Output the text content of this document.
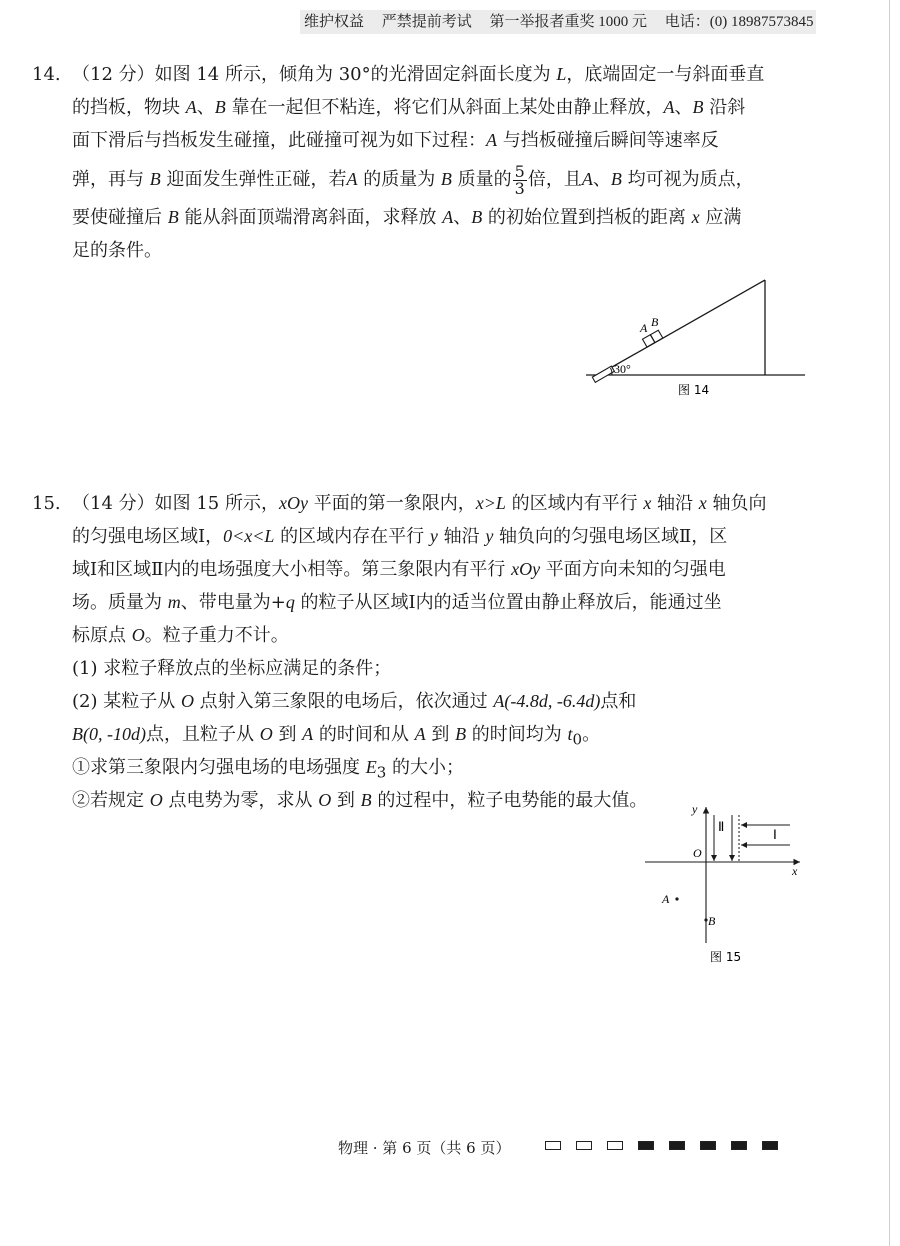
维护权益 严禁提前考试 第一举报者重奖 1000 元 电话：(0) 18987573845
14. （12 分）如图 14 所示，倾角为 30°的光滑固定斜面长度为 L，底端固定一与斜面垂直
的挡板，物块 A、B 靠在一起但不粘连，将它们从斜面上某处由静止释放，A、B 沿斜
面下滑后与挡板发生碰撞，此碰撞可视为如下过程：A 与挡板碰撞后瞬间等速率反
弹，再与 B 迎面发生弹性正碰，若A 的质量为 B 质量的 $\frac{5}{3}$ 倍，且A、B 均可视为质点，
要使碰撞后 B 能从斜面顶端滑离斜面，求释放 A、B 的初始位置到挡板的距离 x 应满
足的条件。
A B
30°
图 14
15. （14 分）如图 15 所示，xOy 平面的第一象限内，x>L 的区域内有平行 x 轴沿 x 轴负向
的匀强电场区域Ⅰ，0<x<L 的区域内存在平行 y 轴沿 y 轴负向的匀强电场区域Ⅱ，区
域Ⅰ和区域Ⅱ内的电场强度大小相等。第三象限内有平行 xOy 平面方向未知的匀强电
场。质量为 m、带电量为+q 的粒子从区域Ⅰ内的适当位置由静止释放后，能通过坐
标原点 O。粒子重力不计。
(1) 求粒子释放点的坐标应满足的条件；
(2) 某粒子从 O 点射入第三象限的电场后，依次通过 A(-4.8d, -6.4d)点和
B(0, -10d)点，且粒子从 O 到 A 的时间和从 A 到 B 的时间均为 $t_0$。
①求第三象限内匀强电场的电场强度 $E_3$ 的大小；
②若规定 O 点电势为零，求从 O 到 B 的过程中，粒子电势能的最大值。	y
x
O
Ⅱ
Ⅰ
A
B
图 15
物理 · 第 6 页（共 6 页）
